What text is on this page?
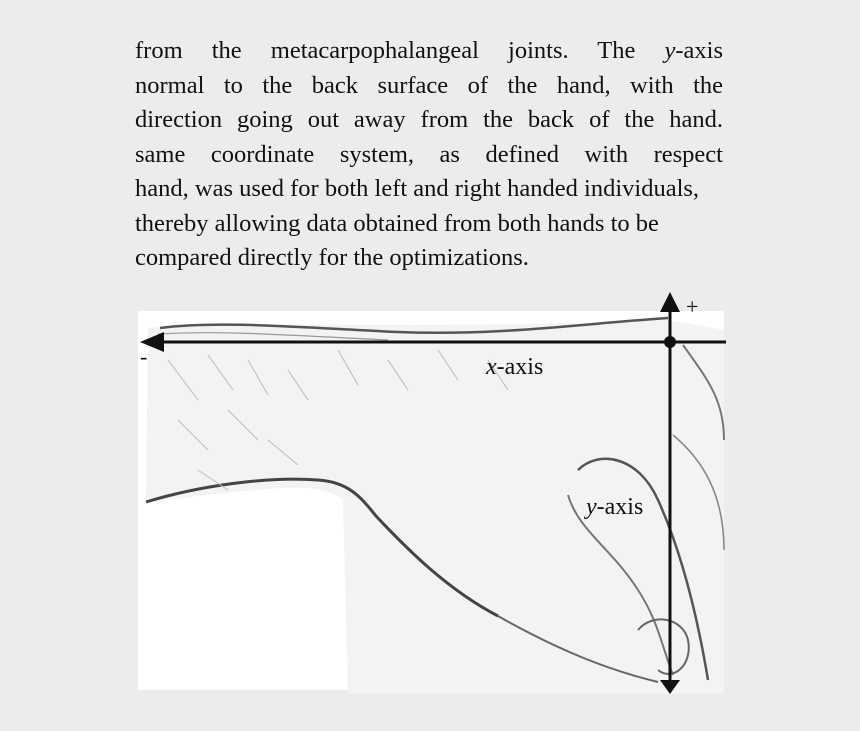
from the metacarpophalangeal joints. The y-axis
normal to the back surface of the hand, with the
direction going out away from the back of the hand.
same coordinate system, as defined with respect
hand, was used for both left and right handed individuals,
thereby allowing data obtained from both hands to be
compared directly for the optimizations.
x-axis
y-axis
-
+
